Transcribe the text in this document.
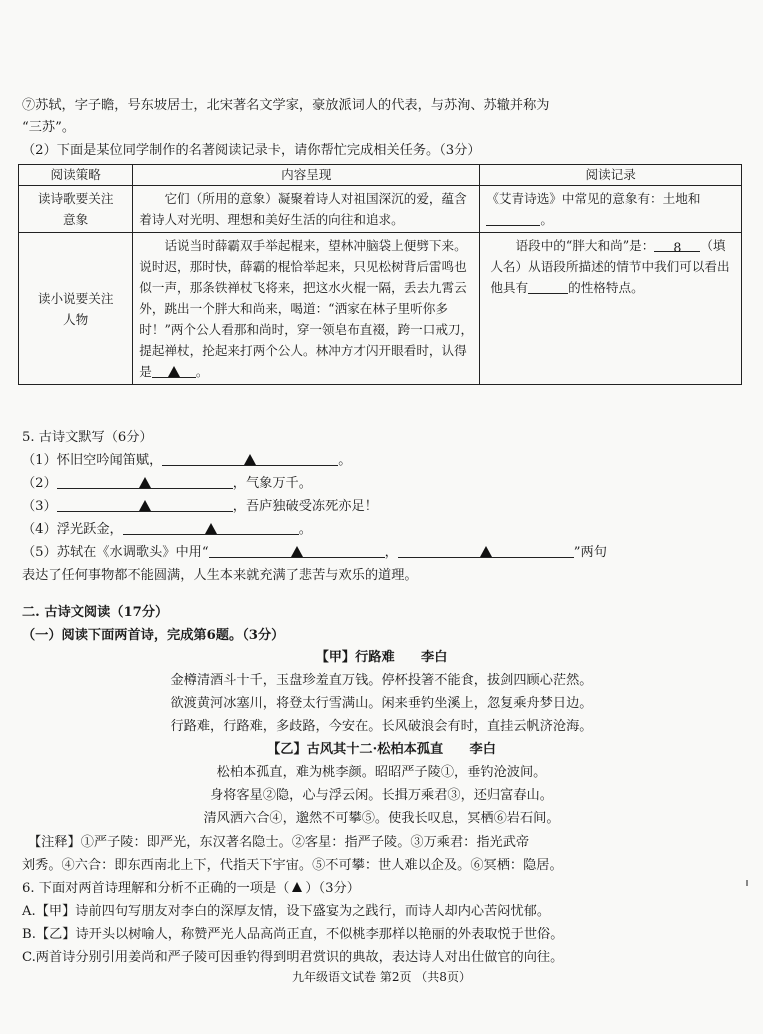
⑦苏轼，字子瞻，号东坡居士，北宋著名文学家，豪放派词人的代表，与苏洵、苏辙并称为
“三苏”。
（2）下面是某位同学制作的名著阅读记录卡，请你帮忙完成相关任务。（3分）
阅读策略	内容呈现	阅读记录
读诗歌要关注意象	它们（所用的意象）凝聚着诗人对祖国深沉的爱，蕴含着诗人对光明、理想和美好生活的向往和追求。	《艾青诗选》中常见的意象有：土地和。
读小说要关注人物	话说当时薛霸双手举起棍来，望林冲脑袋上便劈下来。说时迟，那时快，薛霸的棍恰举起来，只见松树背后雷鸣也似一声，那条铁禅杖飞将来，把这水火棍一隔，丢去九霄云外，跳出一个胖大和尚来，喝道：“洒家在林子里听你多时！”两个公人看那和尚时，穿一领皂布直裰，跨一口戒刀，提起禅杖，抡起来打两个公人。林冲方才闪开眼看时，认得是 。	语段中的“胖大和尚”是： 8 （填人名）从语段所描述的情节中我们可以看出他具有 的性格特点。
5. 古诗文默写（6分）
（1）怀旧空吟闻笛赋，	。
（2）	，气象万千。
（3）	，吾庐独破受冻死亦足！
（4）浮光跃金，	。
（5）苏轼在《水调歌头》中用“	，	”两句
表达了任何事物都不能圆满，人生本来就充满了悲苦与欢乐的道理。
二. 古诗文阅读（17分）
（一）阅读下面两首诗，完成第6题。（3分）
【甲】行路难　　李白
金樽清酒斗十千，玉盘珍羞直万钱。停杯投箸不能食，拔剑四顾心茫然。
欲渡黄河冰塞川，将登太行雪满山。闲来垂钓坐溪上，忽复乘舟梦日边。
行路难，行路难，多歧路，今安在。长风破浪会有时，直挂云帆济沧海。
【乙】古风其十二·松柏本孤直　　李白
松柏本孤直，难为桃李颜。昭昭严子陵①，垂钓沧波间。
身将客星②隐，心与浮云闲。长揖万乘君③，还归富春山。
清风洒六合④，邈然不可攀⑤。使我长叹息，冥栖⑥岩石间。
【注释】①严子陵：即严光，东汉著名隐士。②客星：指严子陵。③万乘君：指光武帝
刘秀。④六合：即东西南北上下，代指天下宇宙。⑤不可攀：世人难以企及。⑥冥栖：隐居。
6. 下面对两首诗理解和分析不正确的一项是（ ）（3分）
A.【甲】诗前四句写朋友对李白的深厚友情，设下盛宴为之践行，而诗人却内心苦闷忧郁。
B.【乙】诗开头以树喻人，称赞严光人品高尚正直，不似桃李那样以艳丽的外表取悦于世俗。
C.两首诗分别引用姜尚和严子陵可因垂钓得到明君赏识的典故，表达诗人对出仕做官的向往。
九年级语文试卷 第2页 （共8页）
